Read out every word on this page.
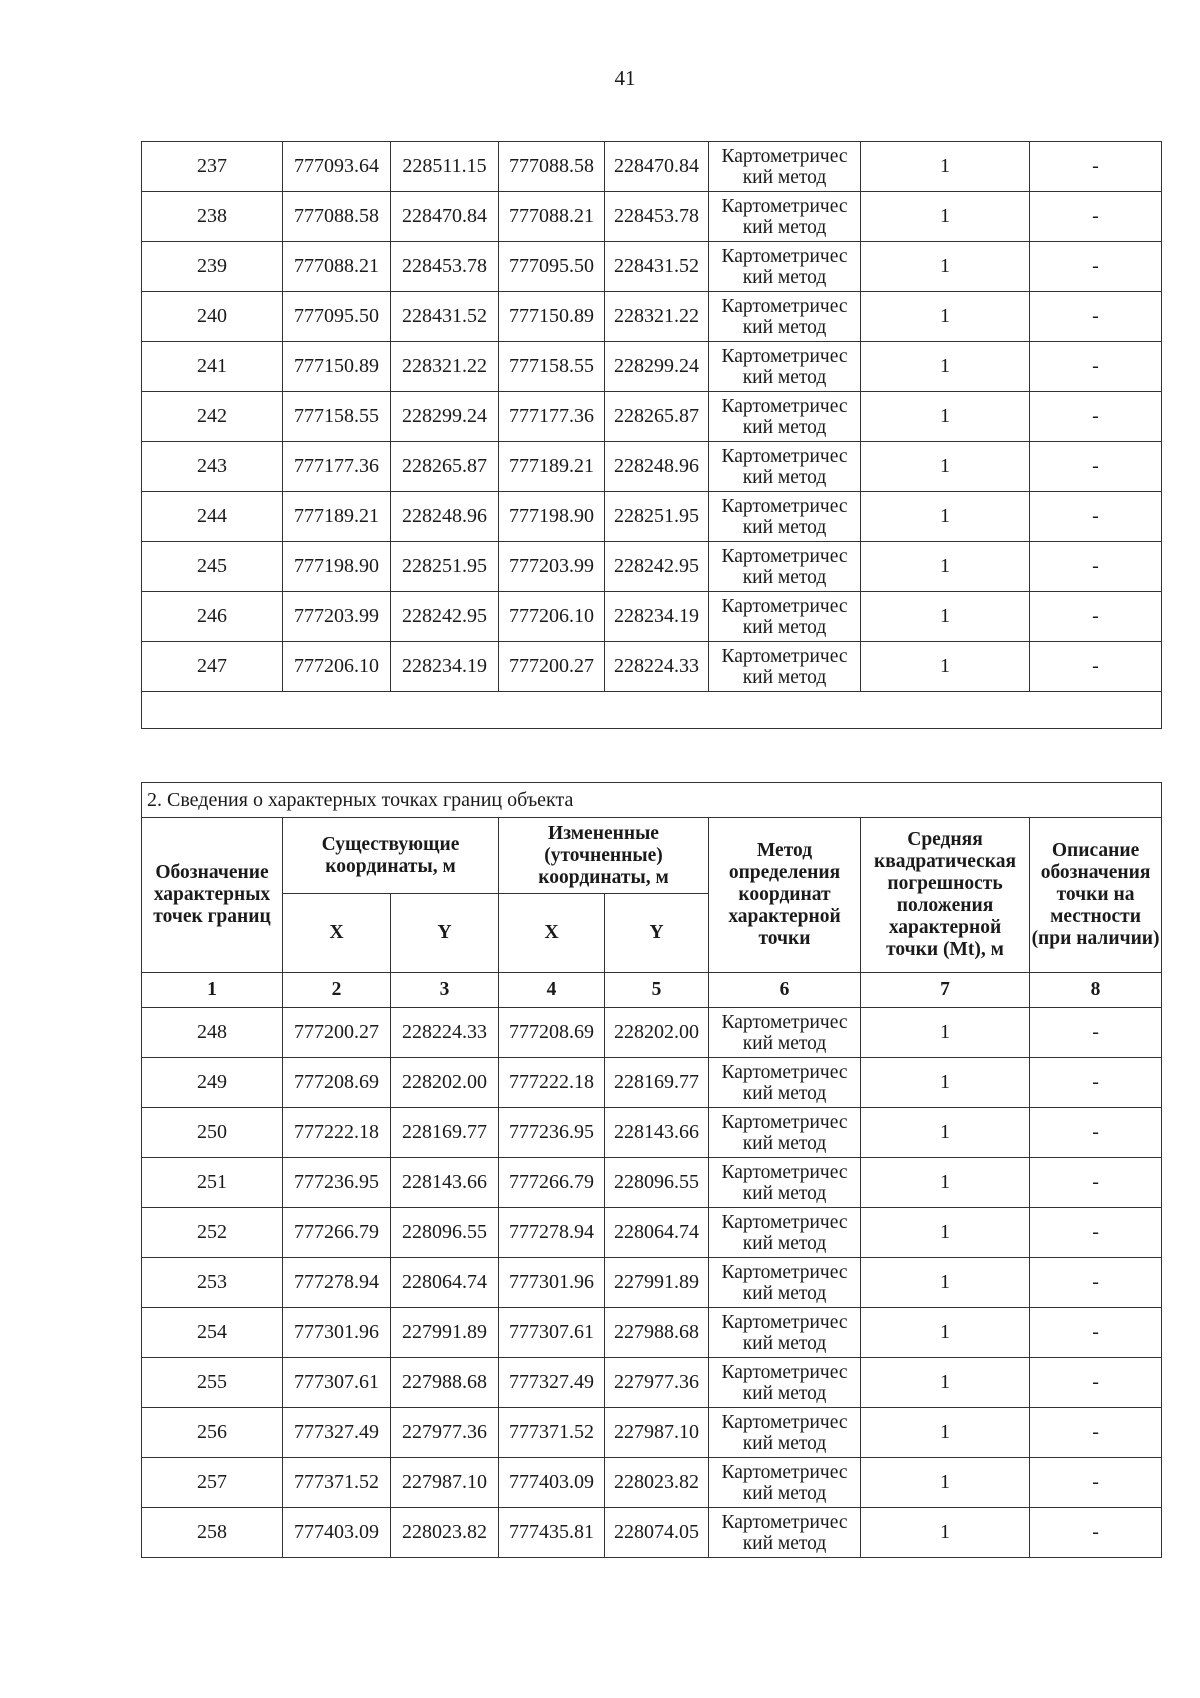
41
237	777093.64	228511.15	777088.58	228470.84	Картометричес кий метод	1	-
238	777088.58	228470.84	777088.21	228453.78	Картометричес кий метод	1	-
239	777088.21	228453.78	777095.50	228431.52	Картометричес кий метод	1	-
240	777095.50	228431.52	777150.89	228321.22	Картометричес кий метод	1	-
241	777150.89	228321.22	777158.55	228299.24	Картометричес кий метод	1	-
242	777158.55	228299.24	777177.36	228265.87	Картометричес кий метод	1	-
243	777177.36	228265.87	777189.21	228248.96	Картометричес кий метод	1	-
244	777189.21	228248.96	777198.90	228251.95	Картометричес кий метод	1	-
245	777198.90	228251.95	777203.99	228242.95	Картометричес кий метод	1	-
246	777203.99	228242.95	777206.10	228234.19	Картометричес кий метод	1	-
247	777206.10	228234.19	777200.27	228224.33	Картометричес кий метод	1	-

2. Сведения о характерных точках границ объекта							
Обозначение характерных точек границ	Существующие координаты, м		Измененные (уточненные) координаты, м		Метод определения координат характерной точки	Средняя квадратическая погрешность положения характерной точки (Mt), м	Описание обозначения точки на местности (при наличии)
	X	Y	X	Y			
1	2	3	4	5	6	7	8
248	777200.27	228224.33	777208.69	228202.00	Картометричес кий метод	1	-
249	777208.69	228202.00	777222.18	228169.77	Картометричес кий метод	1	-
250	777222.18	228169.77	777236.95	228143.66	Картометричес кий метод	1	-
251	777236.95	228143.66	777266.79	228096.55	Картометричес кий метод	1	-
252	777266.79	228096.55	777278.94	228064.74	Картометричес кий метод	1	-
253	777278.94	228064.74	777301.96	227991.89	Картометричес кий метод	1	-
254	777301.96	227991.89	777307.61	227988.68	Картометричес кий метод	1	-
255	777307.61	227988.68	777327.49	227977.36	Картометричес кий метод	1	-
256	777327.49	227977.36	777371.52	227987.10	Картометричес кий метод	1	-
257	777371.52	227987.10	777403.09	228023.82	Картометричес кий метод	1	-
258	777403.09	228023.82	777435.81	228074.05	Картометричес кий метод	1	-
